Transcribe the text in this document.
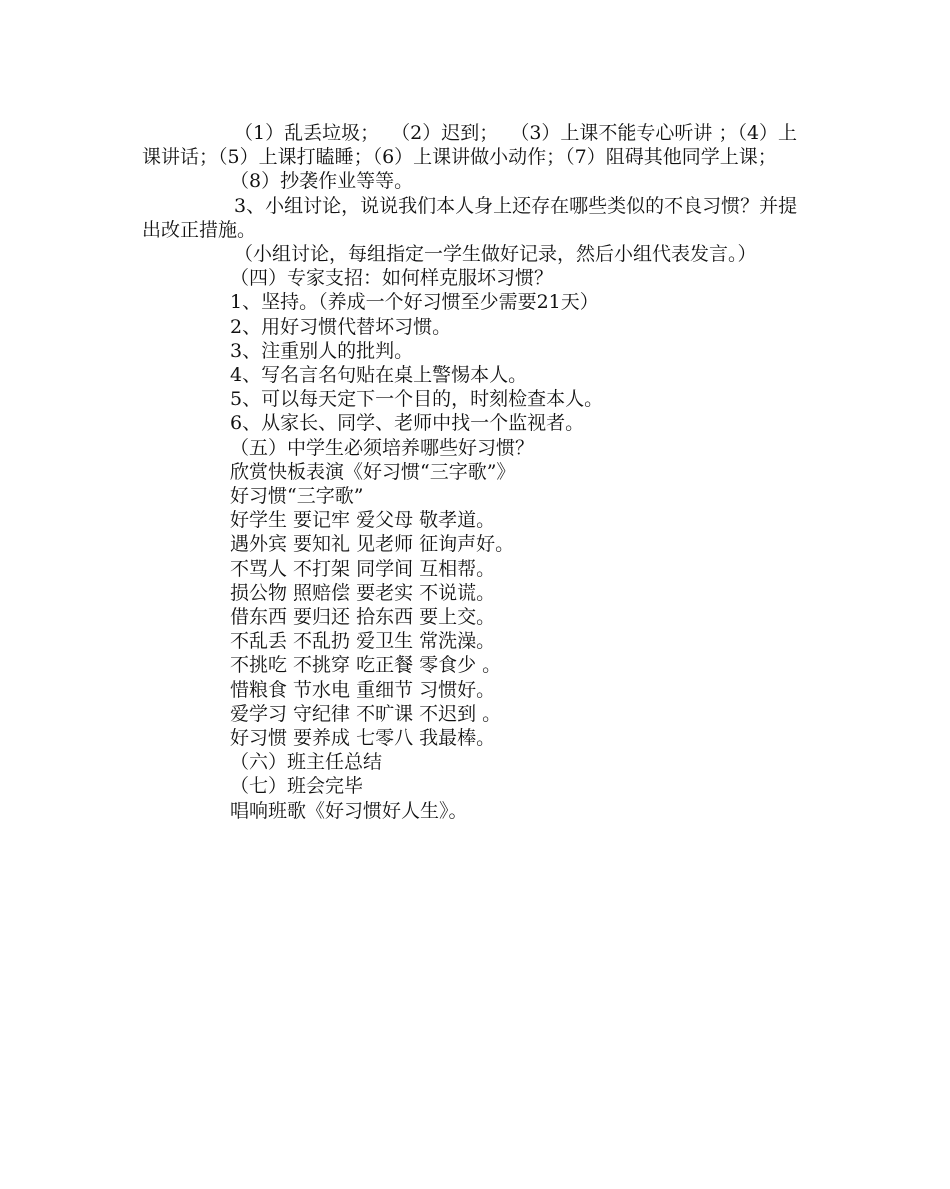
（1）乱丢垃圾；  （2）迟到；  （3）上课不能专心听讲 ；（4）上课讲话；（5）上课打瞌睡；（6）上课讲做小动作；（7）阻碍其他同学上课；

（8）抄袭作业等等。

3、小组讨论，说说我们本人身上还存在哪些类似的不良习惯？并提出改正措施。

（小组讨论，每组指定一学生做好记录，然后小组代表发言。）

（四）专家支招：如何样克服坏习惯？

1、坚持。（养成一个好习惯至少需要21天）

2、用好习惯代替坏习惯。

3、注重别人的批判。

4、写名言名句贴在桌上警惕本人。

5、可以每天定下一个目的，时刻检查本人。

6、从家长、同学、老师中找一个监视者。

（五）中学生必须培养哪些好习惯？

欣赏快板表演《好习惯“三字歌”》

好习惯“三字歌”

好学生 要记牢 爱父母 敬孝道。

遇外宾 要知礼 见老师 征询声好。

不骂人 不打架 同学间 互相帮。

损公物 照赔偿 要老实 不说谎。

借东西 要归还 拾东西 要上交。

不乱丢 不乱扔 爱卫生 常洗澡。

不挑吃 不挑穿 吃正餐 零食少 。

惜粮食 节水电 重细节 习惯好。

爱学习 守纪律 不旷课 不迟到 。

好习惯 要养成 七零八 我最棒。

（六）班主任总结

（七）班会完毕

唱响班歌《好习惯好人生》。
